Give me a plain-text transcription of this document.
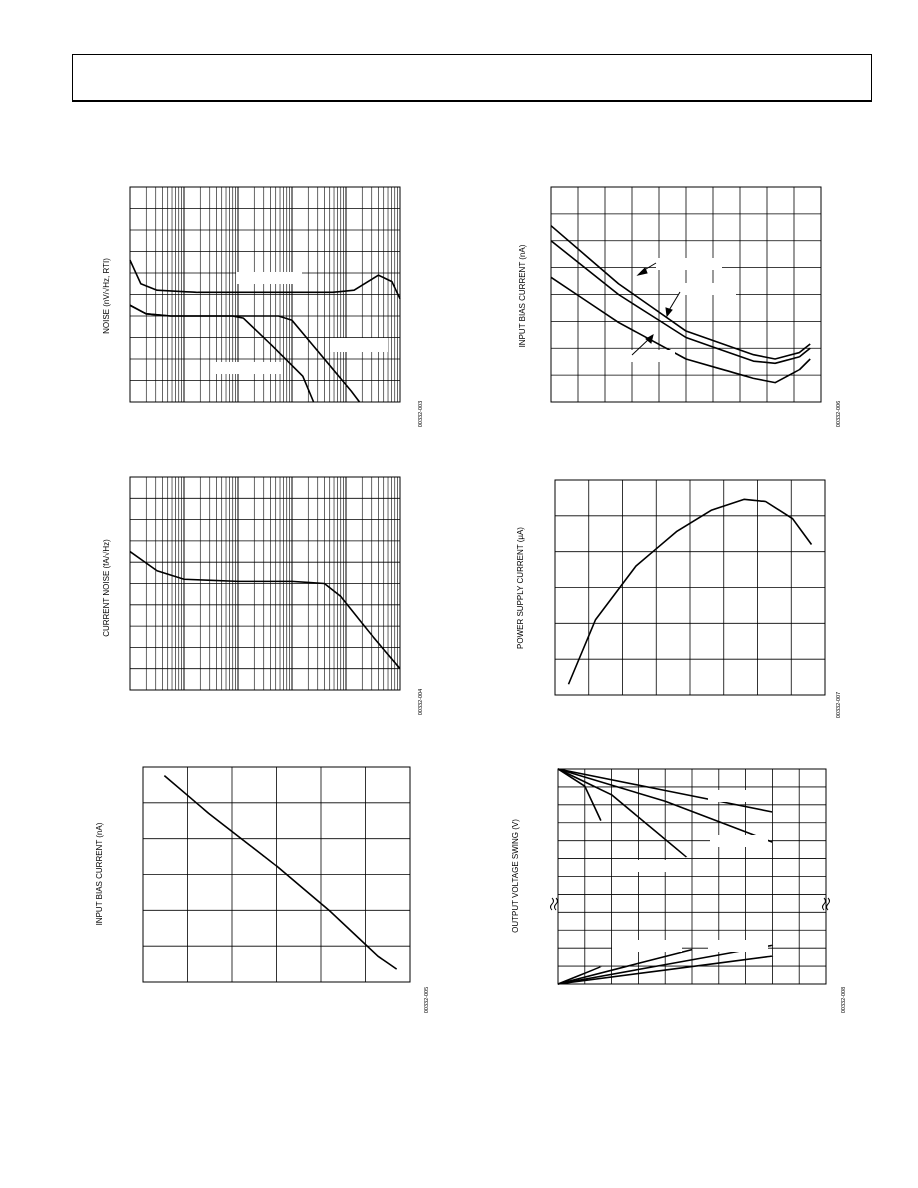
NOISE (nV/√Hz, RTI)
00332-003
INPUT BIAS CURRENT (nA)
00332-006
CURRENT NOISE (fA/√Hz)
00332-004
POWER SUPPLY CURRENT (µA)
00332-007
INPUT BIAS CURRENT (nA)
00332-005
OUTPUT VOLTAGE SWING (V)
00332-008
